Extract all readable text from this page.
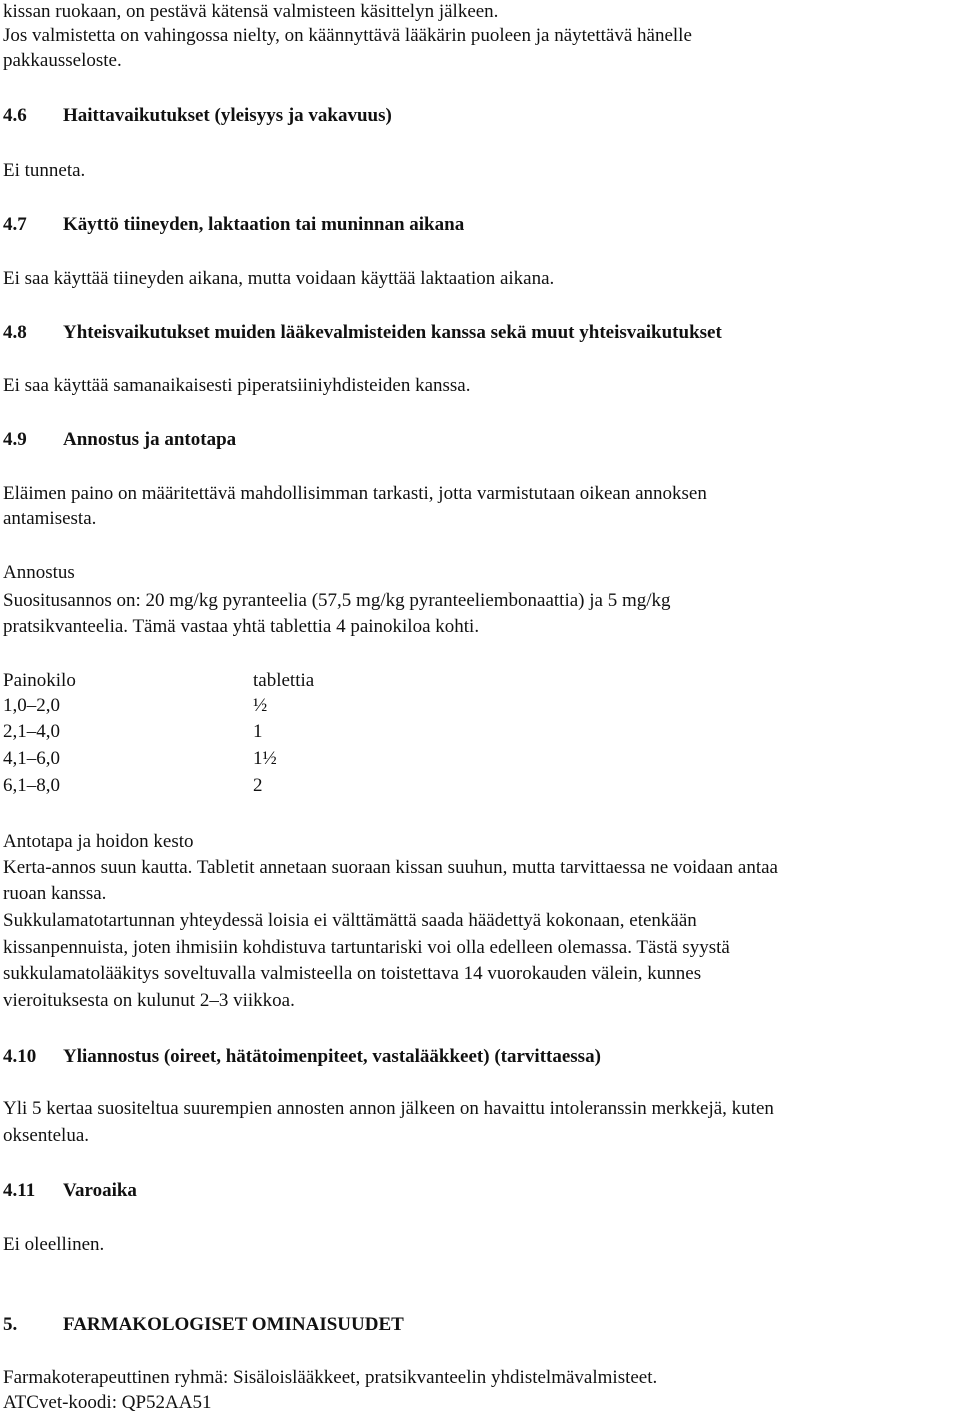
kissan ruokaan, on pestävä kätensä valmisteen käsittelyn jälkeen.
Jos valmistetta on vahingossa nielty, on käännyttävä lääkärin puoleen ja näytettävä hänelle
pakkausseloste.
4.6 Haittavaikutukset (yleisyys ja vakavuus)
Ei tunneta.
4.7 Käyttö tiineyden, laktaation tai muninnan aikana
Ei saa käyttää tiineyden aikana, mutta voidaan käyttää laktaation aikana.
4.8 Yhteisvaikutukset muiden lääkevalmisteiden kanssa sekä muut yhteisvaikutukset
Ei saa käyttää samanaikaisesti piperatsiiniyhdisteiden kanssa.
4.9 Annostus ja antotapa
Eläimen paino on määritettävä mahdollisimman tarkasti, jotta varmistutaan oikean annoksen
antamisesta.
Annostus
Suositusannos on: 20 mg/kg pyranteelia (57,5 mg/kg pyranteeliembonaattia) ja 5 mg/kg
pratsikvanteelia. Tämä vastaa yhtä tablettia 4 painokiloa kohti.
Painokilo	tablettia
1,0–2,0	½
2,1–4,0	1
4,1–6,0	1½
6,1–8,0	2
Antotapa ja hoidon kesto
Kerta-annos suun kautta. Tabletit annetaan suoraan kissan suuhun, mutta tarvittaessa ne voidaan antaa
ruoan kanssa.
Sukkulamatotartunnan yhteydessä loisia ei välttämättä saada häädettyä kokonaan, etenkään
kissanpennuista, joten ihmisiin kohdistuva tartuntariski voi olla edelleen olemassa. Tästä syystä
sukkulamatolääkitys soveltuvalla valmisteella on toistettava 14 vuorokauden välein, kunnes
vieroituksesta on kulunut 2–3 viikkoa.
4.10 Yliannostus (oireet, hätätoimenpiteet, vastalääkkeet) (tarvittaessa)
Yli 5 kertaa suositeltua suurempien annosten annon jälkeen on havaittu intoleranssin merkkejä, kuten
oksentelua.
4.11 Varoaika
Ei oleellinen.
5. FARMAKOLOGISET OMINAISUUDET
Farmakoterapeuttinen ryhmä: Sisäloislääkkeet, pratsikvanteelin yhdistelmävalmisteet.
ATCvet-koodi: QP52AA51
